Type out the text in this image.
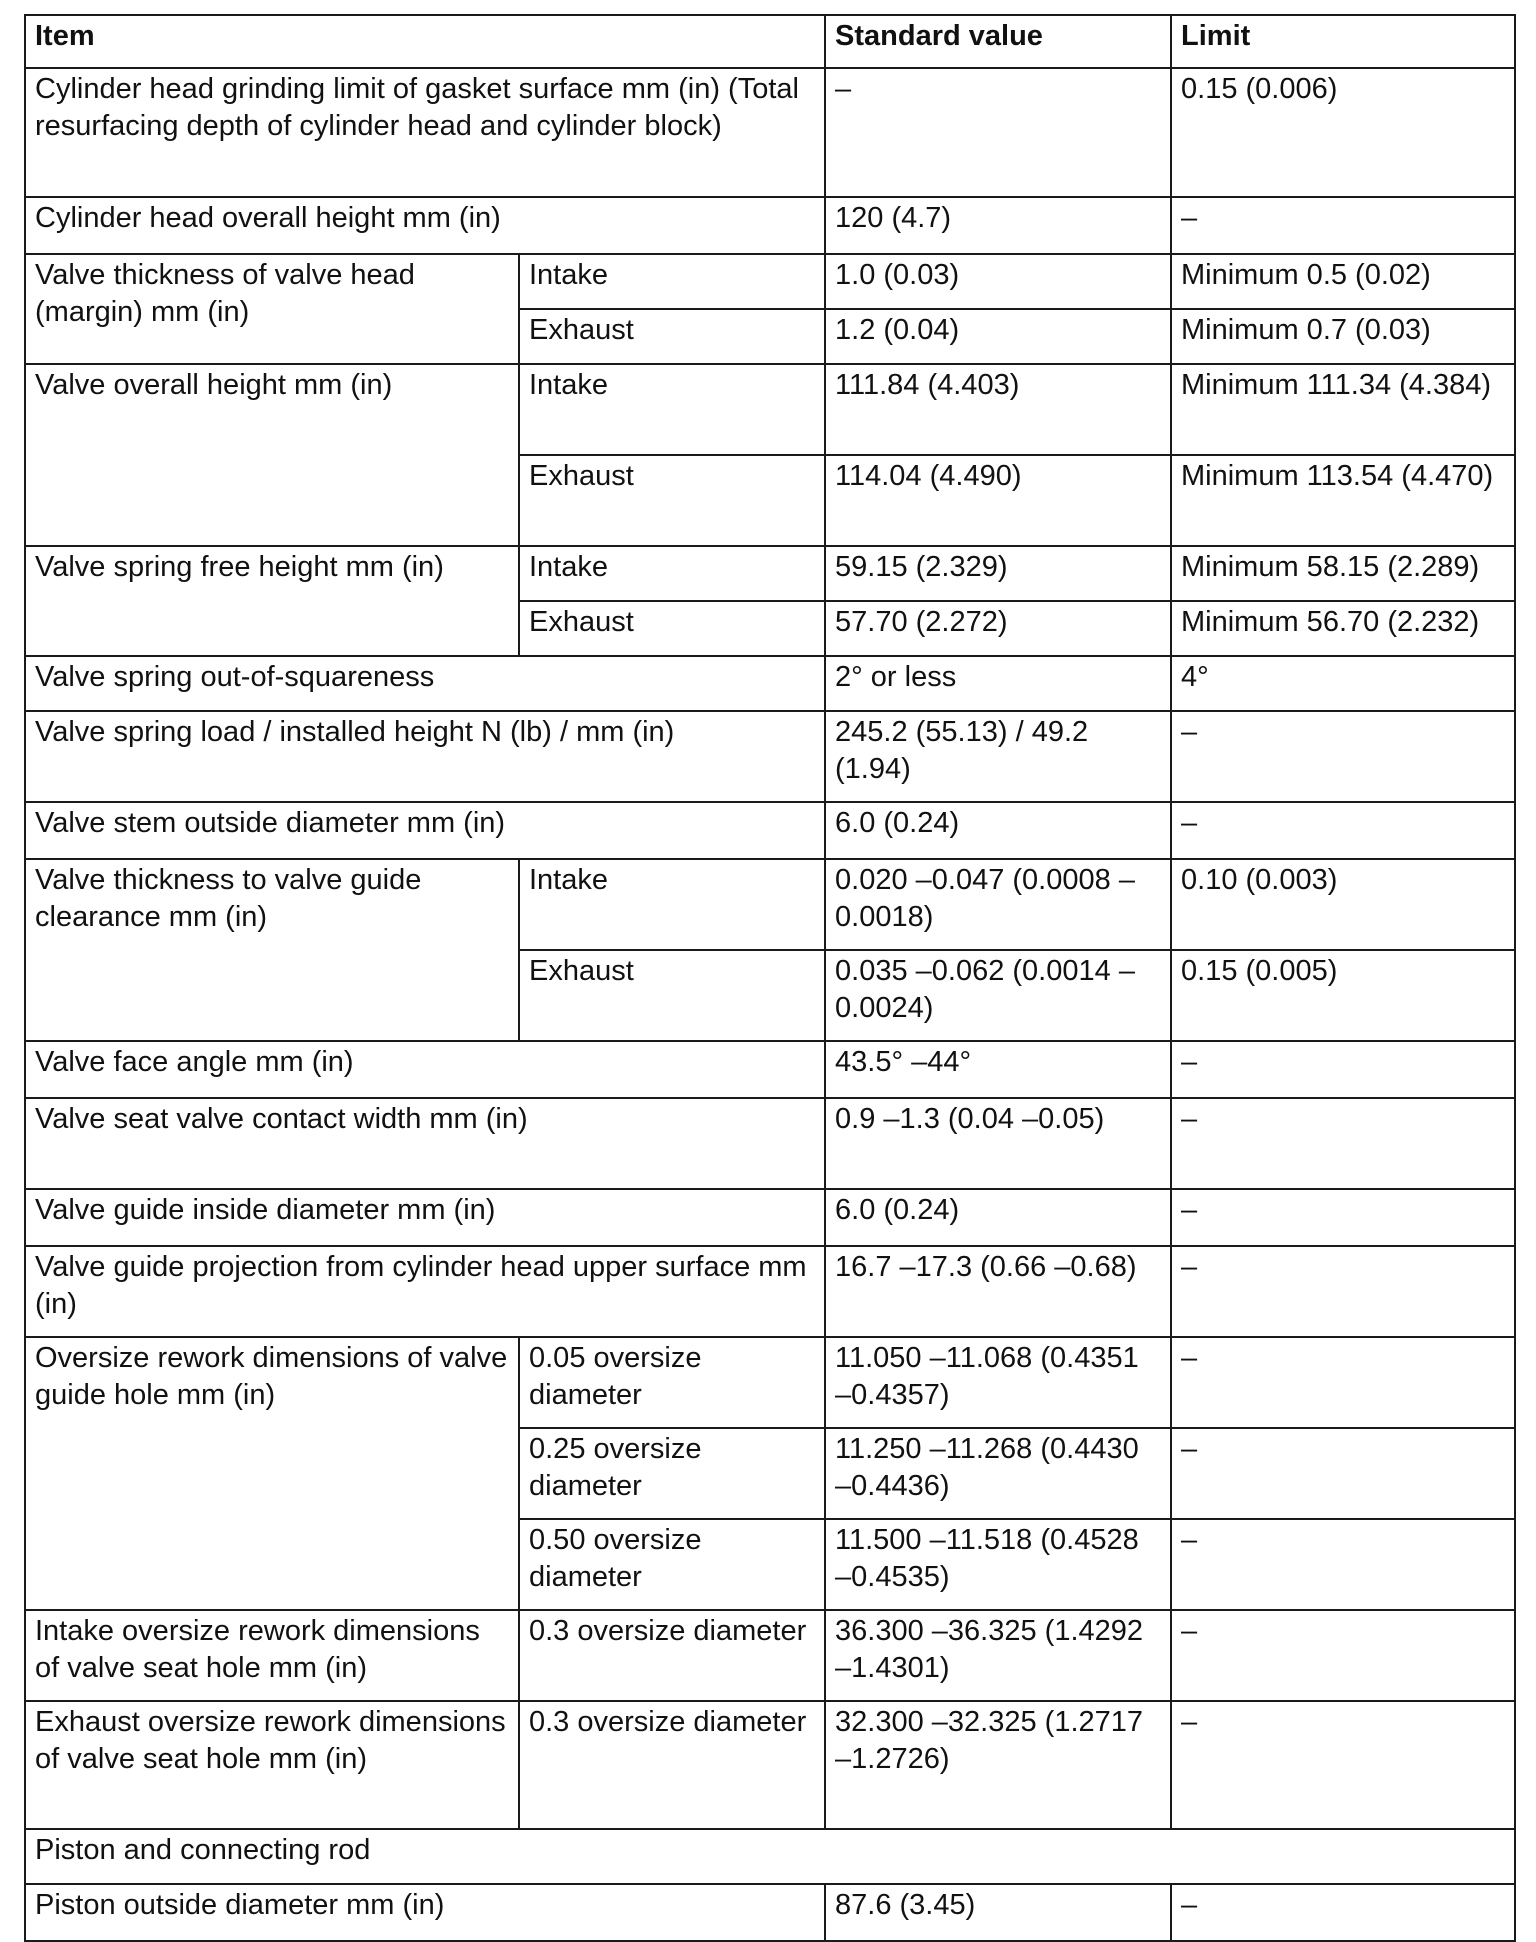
Item		Standard value	Limit
Cylinder head grinding limit of gasket surface mm (in) (Total resurfacing depth of cylinder head and cylinder block)		–	0.15 (0.006)
Cylinder head overall height mm (in)		120 (4.7)	–
Valve thickness of valve head (margin) mm (in)	Intake	1.0 (0.03)	Minimum 0.5 (0.02)
	Exhaust	1.2 (0.04)	Minimum 0.7 (0.03)
Valve overall height mm (in)	Intake	111.84 (4.403)	Minimum 111.34 (4.384)
	Exhaust	114.04 (4.490)	Minimum 113.54 (4.470)
Valve spring free height mm (in)	Intake	59.15 (2.329)	Minimum 58.15 (2.289)
	Exhaust	57.70 (2.272)	Minimum 56.70 (2.232)
Valve spring out-of-squareness		2° or less	4°
Valve spring load / installed height N (lb) / mm (in)		245.2 (55.13) / 49.2 (1.94)	–
Valve stem outside diameter mm (in)		6.0 (0.24)	–
Valve thickness to valve guide clearance mm (in)	Intake	0.020 –0.047 (0.0008 –0.0018)	0.10 (0.003)
	Exhaust	0.035 –0.062 (0.0014 –0.0024)	0.15 (0.005)
Valve face angle mm (in)		43.5° –44°	–
Valve seat valve contact width mm (in)		0.9 –1.3 (0.04 –0.05)	–
Valve guide inside diameter mm (in)		6.0 (0.24)	–
Valve guide projection from cylinder head upper surface mm (in)		16.7 –17.3 (0.66 –0.68)	–
Oversize rework dimensions of valve guide hole mm (in)	0.05 oversize diameter	11.050 –11.068 (0.4351 –0.4357)	–
	0.25 oversize diameter	11.250 –11.268 (0.4430 –0.4436)	–
	0.50 oversize diameter	11.500 –11.518 (0.4528 –0.4535)	–
Intake oversize rework dimensions of valve seat hole mm (in)	0.3 oversize diameter	36.300 –36.325 (1.4292 –1.4301)	–
Exhaust oversize rework dimensions of valve seat hole mm (in)	0.3 oversize diameter	32.300 –32.325 (1.2717 –1.2726)	–
Piston and connecting rod			
Piston outside diameter mm (in)		87.6 (3.45)	–
